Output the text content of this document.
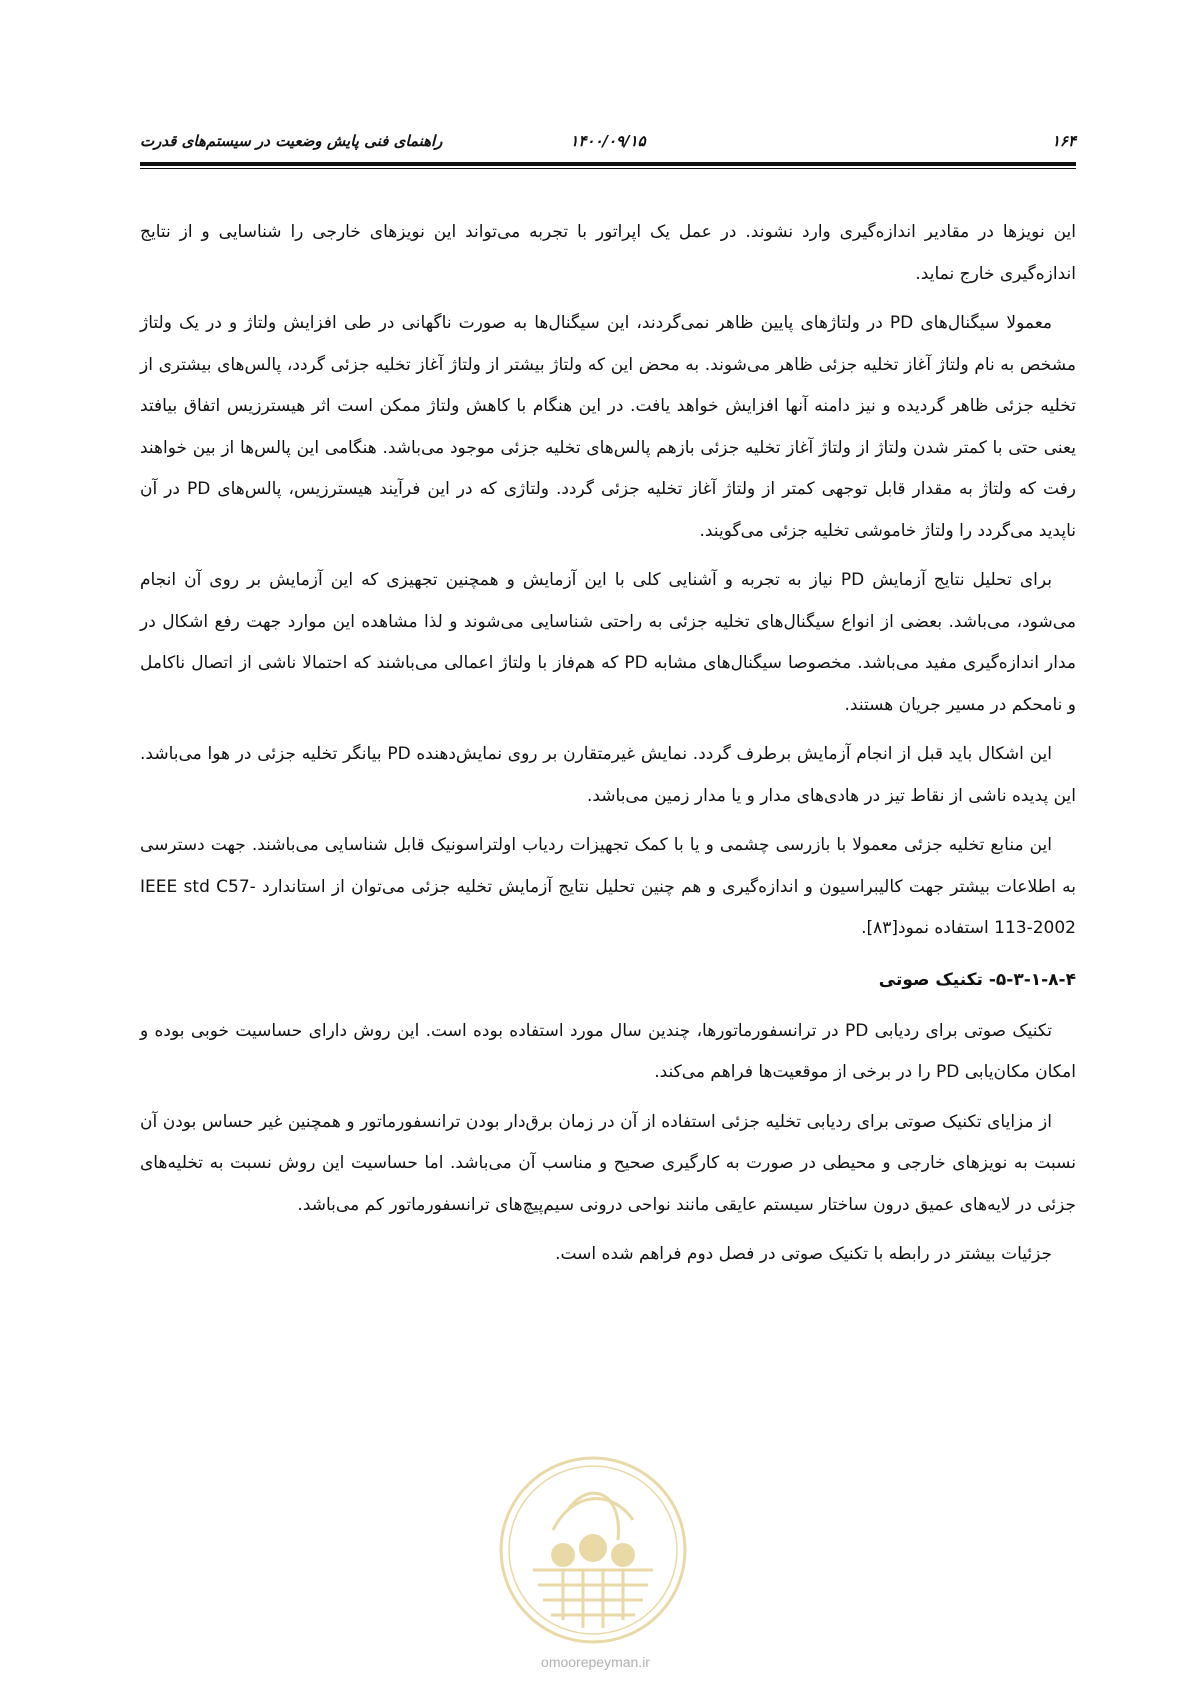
۱۶۴
۱۴۰۰/۰۹/۱۵
راهنمای فنی پایش وضعیت در سیستم‌های قدرت

این نویزها در مقادیر اندازه‌گیری وارد نشوند. در عمل یک اپراتور با تجربه می‌تواند این نویزهای خارجی را شناسایی و از نتایج اندازه‌گیری خارج نماید.

معمولا سیگنال‌های PD در ولتاژهای پایین ظاهر نمی‌گردند، این سیگنال‌ها به صورت ناگهانی در طی افزایش ولتاژ و در یک ولتاژ مشخص به نام ولتاژ آغاز تخلیه جزئی ظاهر می‌شوند. به محض این که ولتاژ بیشتر از ولتاژ آغاز تخلیه جزئی گردد، پالس‌های بیشتری از تخلیه جزئی ظاهر گردیده و نیز دامنه آنها افزایش خواهد یافت. در این هنگام با کاهش ولتاژ ممکن است اثر هیسترزیس اتفاق بیافتد یعنی حتی با کمتر شدن ولتاژ از ولتاژ آغاز تخلیه جزئی بازهم پالس‌های تخلیه جزئی موجود می‌باشد. هنگامی این پالس‌ها از بین خواهند رفت که ولتاژ به مقدار قابل توجهی کمتر از ولتاژ آغاز تخلیه جزئی گردد. ولتاژی که در این فرآیند هیسترزیس، پالس‌های PD در آن ناپدید می‌گردد را ولتاژ خاموشی تخلیه جزئی می‌گویند.

برای تحلیل نتایج آزمایش PD نیاز به تجربه و آشنایی کلی با این آزمایش و همچنین تجهیزی که این آزمایش بر روی آن انجام می‌شود، می‌باشد. بعضی از انواع سیگنال‌های تخلیه جزئی به راحتی شناسایی می‌شوند و لذا مشاهده این موارد جهت رفع اشکال در مدار اندازه‌گیری مفید می‌باشد. مخصوصا سیگنال‌های مشابه PD که هم‌فاز با ولتاژ اعمالی می‌باشند که احتمالا ناشی از اتصال ناکامل و نامحکم در مسیر جریان هستند.

این اشکال باید قبل از انجام آزمایش برطرف گردد. نمایش غیرمتقارن بر روی نمایش‌دهنده PD بیانگر تخلیه جزئی در هوا می‌باشد. این پدیده ناشی از نقاط تیز در هادی‌های مدار و یا مدار زمین می‌باشد.

این منابع تخلیه جزئی معمولا با بازرسی چشمی و یا با کمک تجهیزات ردیاب اولتراسونیک قابل شناسایی می‌باشند. جهت دسترسی به اطلاعات بیشتر جهت کالیبراسیون و اندازه‌گیری و هم چنین تحلیل نتایج آزمایش تخلیه جزئی می‌توان از استاندارد IEEE std C57-113-2002 استفاده نمود[۸۳].

۵-۳-۱-۸-۴- تکنیک صوتی

تکنیک صوتی برای ردیابی PD در ترانسفورماتورها، چندین سال مورد استفاده بوده است. این روش دارای حساسیت خوبی بوده و امکان مکان‌یابی PD را در برخی از موقعیت‌ها فراهم می‌کند.

از مزایای تکنیک صوتی برای ردیابی تخلیه جزئی استفاده از آن در زمان برق‌دار بودن ترانسفورماتور و همچنین غیر حساس بودن آن نسبت به نویزهای خارجی و محیطی در صورت به کارگیری صحیح و مناسب آن می‌باشد. اما حساسیت این روش نسبت به تخلیه‌های جزئی در لایه‌های عمیق درون ساختار سیستم عایقی مانند نواحی درونی سیم‌پیچ‌های ترانسفورماتور کم می‌باشد.

جزئیات بیشتر در رابطه با تکنیک صوتی در فصل دوم فراهم شده است.

omoorepeyman.ir
